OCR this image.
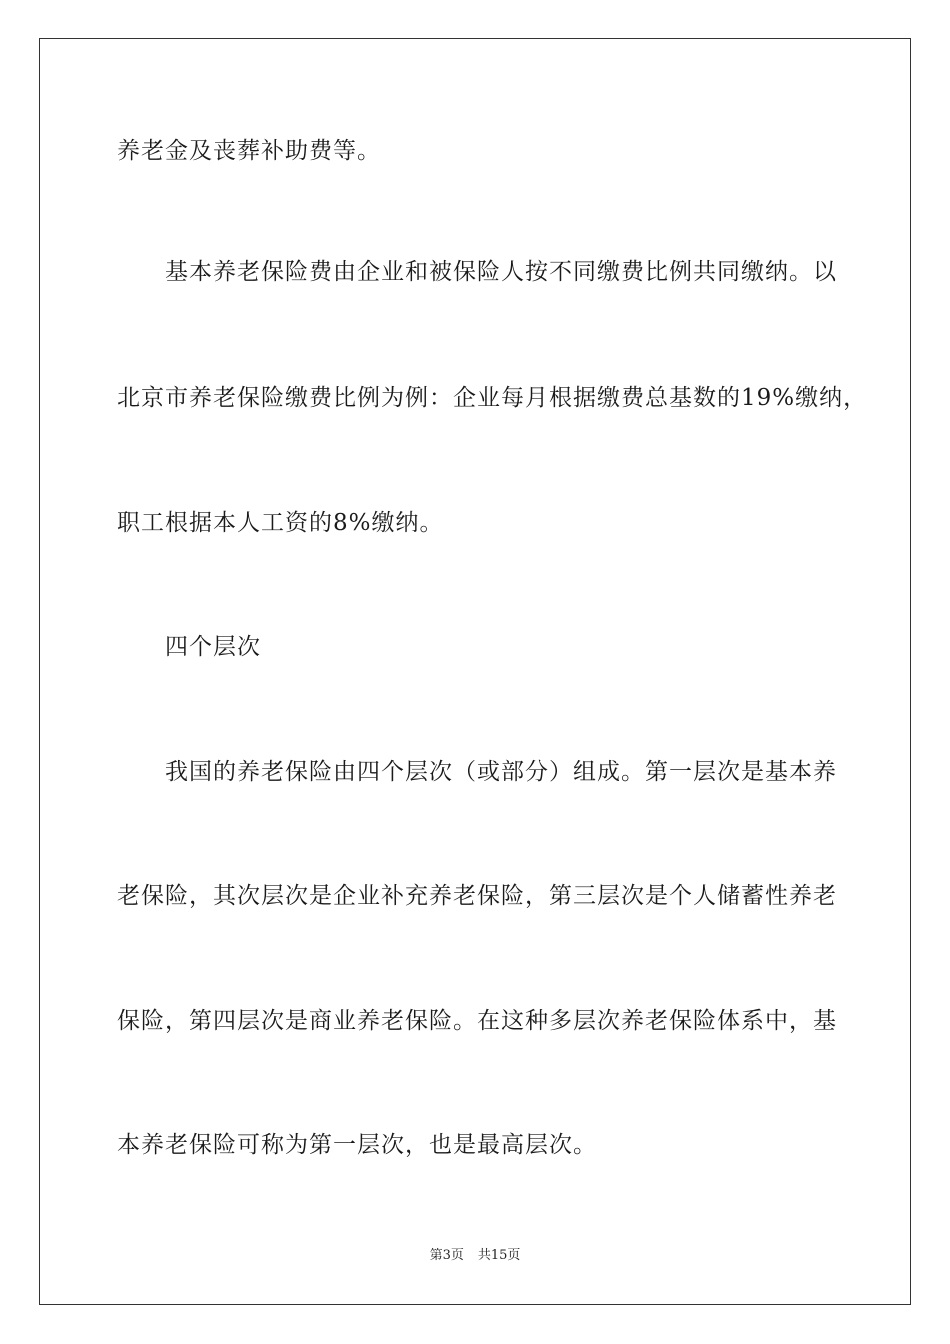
养老金及丧葬补助费等。
基本养老保险费由企业和被保险人按不同缴费比例共同缴纳。以
北京市养老保险缴费比例为例：企业每月根据缴费总基数的19%缴纳，
职工根据本人工资的8%缴纳。
四个层次
我国的养老保险由四个层次（或部分）组成。第一层次是基本养
老保险，其次层次是企业补充养老保险，第三层次是个人储蓄性养老
保险，第四层次是商业养老保险。在这种多层次养老保险体系中，基
本养老保险可称为第一层次，也是最高层次。
第3页 共15页
